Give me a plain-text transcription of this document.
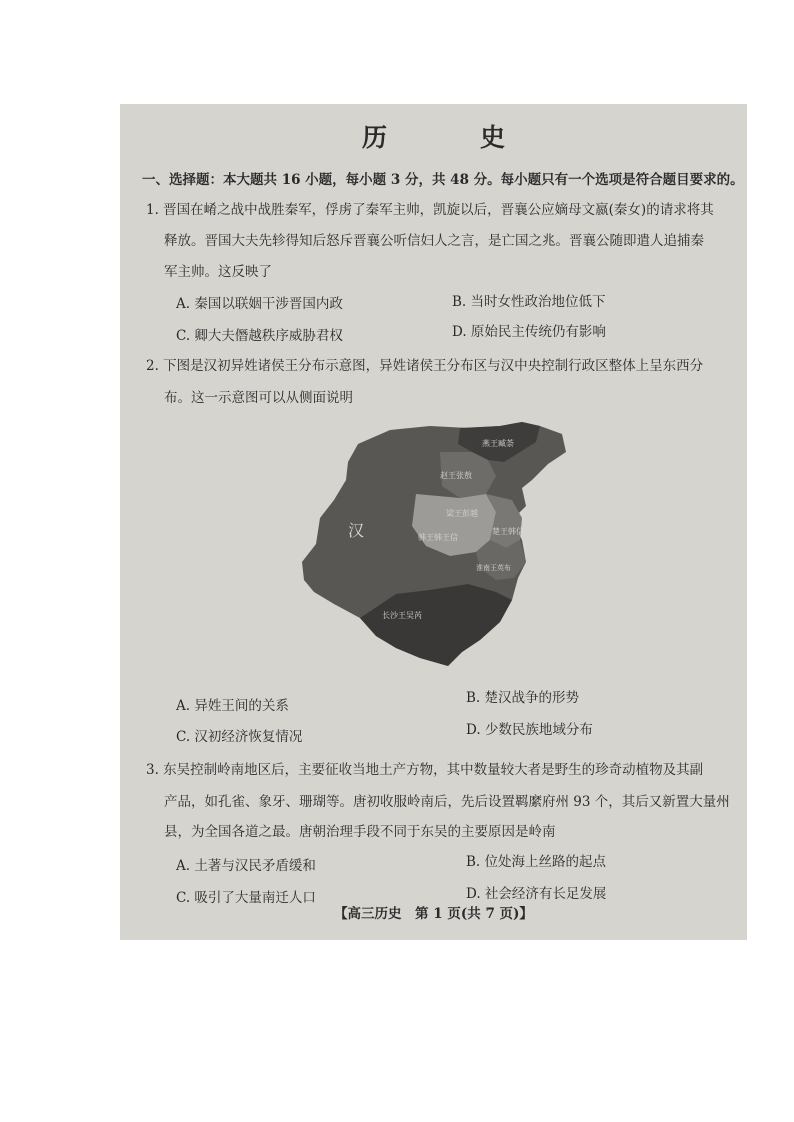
历　史
一、选择题：本大题共 16 小题，每小题 3 分，共 48 分。每小题只有一个选项是符合题目要求的。
1. 晋国在崤之战中战胜秦军，俘虏了秦军主帅，凯旋以后，晋襄公应嫡母文嬴(秦女)的请求将其
释放。晋国大夫先轸得知后怒斥晋襄公听信妇人之言，是亡国之兆。晋襄公随即遣人追捕秦
军主帅。这反映了
A. 秦国以联姻干涉晋国内政	B. 当时女性政治地位低下
C. 卿大夫僭越秩序威胁君权	D. 原始民主传统仍有影响
2. 下图是汉初异姓诸侯王分布示意图，异姓诸侯王分布区与汉中央控制行政区整体上呈东西分
布。这一示意图可以从侧面说明
燕王臧荼
赵王张敖
汉
梁王彭越
韩王韩王信
楚王韩信
淮南王英布
长沙王吴芮
A. 异姓王间的关系	B. 楚汉战争的形势
C. 汉初经济恢复情况	D. 少数民族地域分布
3. 东吴控制岭南地区后，主要征收当地土产方物，其中数量较大者是野生的珍奇动植物及其副
产品，如孔雀、象牙、珊瑚等。唐初收服岭南后，先后设置羁縻府州 93 个，其后又新置大量州
县，为全国各道之最。唐朝治理手段不同于东吴的主要原因是岭南
A. 土著与汉民矛盾缓和	B. 位处海上丝路的起点
C. 吸引了大量南迁人口	D. 社会经济有长足发展
【高三历史　第 1 页(共 7 页)】
